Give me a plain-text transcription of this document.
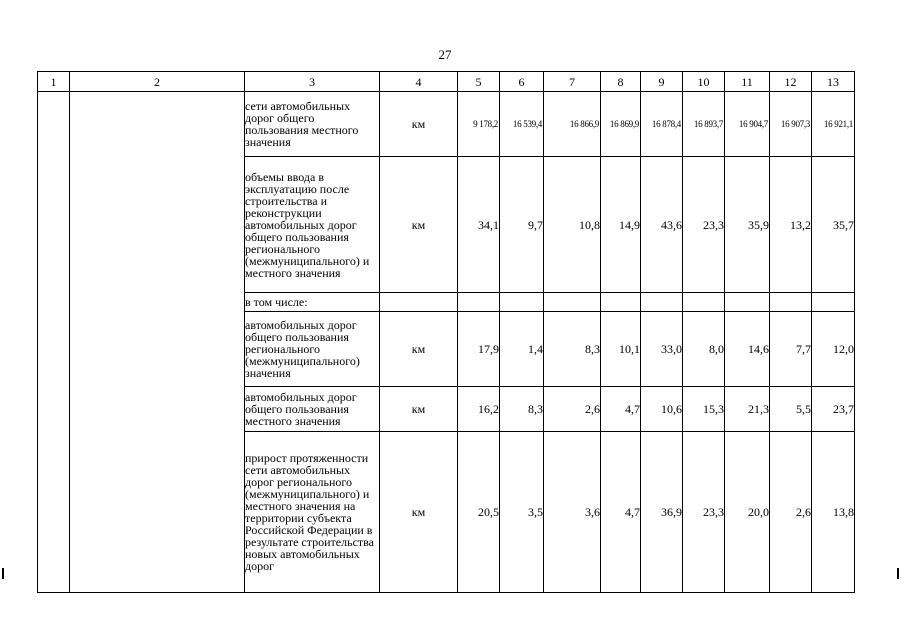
27
1	2	3	4	5	6	7	8	9	10	11	12	13
		сети автомобильных дорог общего пользования местного значения	км	9 178,2	16 539,4	16 866,9	16 869,9	16 878,4	16 893,7	16 904,7	16 907,3	16 921,1
		объемы ввода в эксплуатацию после строительства и реконструкции автомобильных дорог общего пользования регионального (межмуниципального) и местного значения	км	34,1	9,7	10,8	14,9	43,6	23,3	35,9	13,2	35,7
		в том числе:										
		автомобильных дорог общего пользования регионального (межмуниципального) значения	км	17,9	1,4	8,3	10,1	33,0	8,0	14,6	7,7	12,0
		автомобильных дорог общего пользования местного значения	км	16,2	8,3	2,6	4,7	10,6	15,3	21,3	5,5	23,7
		прирост протяженности сети автомобильных дорог регионального (межмуниципального) и местного значения на территории субъекта Российской Федерации в результате строительства новых автомобильных дорог	км	20,5	3,5	3,6	4,7	36,9	23,3	20,0	2,6	13,8
